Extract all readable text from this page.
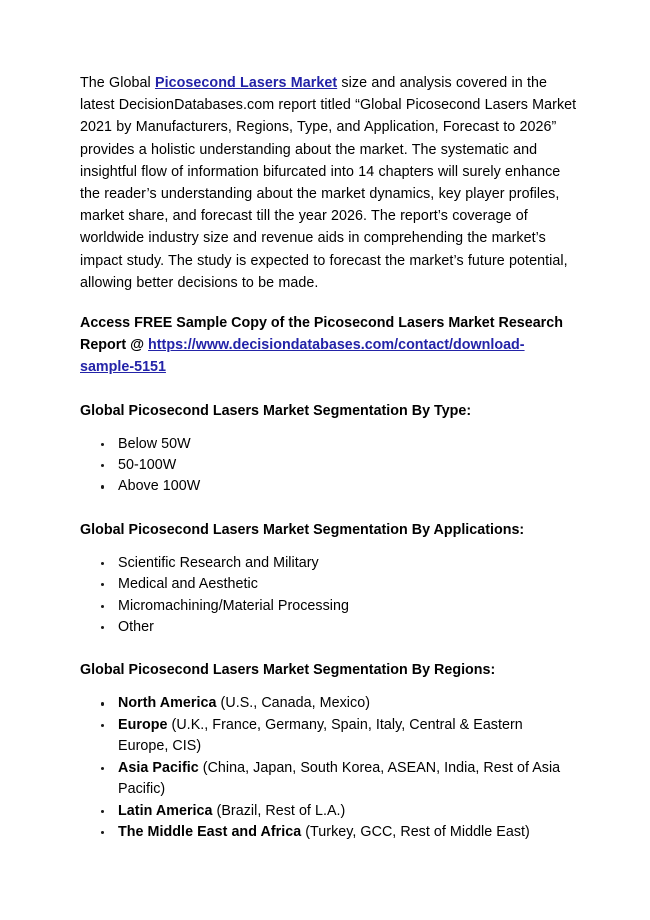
The Global Picosecond Lasers Market size and analysis covered in the latest DecisionDatabases.com report titled “Global Picosecond Lasers Market 2021 by Manufacturers, Regions, Type, and Application, Forecast to 2026” provides a holistic understanding about the market. The systematic and insightful flow of information bifurcated into 14 chapters will surely enhance the reader’s understanding about the market dynamics, key player profiles, market share, and forecast till the year 2026. The report’s coverage of worldwide industry size and revenue aids in comprehending the market’s impact study. The study is expected to forecast the market’s future potential, allowing better decisions to be made.

Access FREE Sample Copy of the Picosecond Lasers Market Research Report @ https://www.decisiondatabases.com/contact/download-sample-5151

Global Picosecond Lasers Market Segmentation By Type:
Below 50W
50-100W
Above 100W
Global Picosecond Lasers Market Segmentation By Applications:
Scientific Research and Military
Medical and Aesthetic
Micromachining/Material Processing
Other
Global Picosecond Lasers Market Segmentation By Regions:
North America (U.S., Canada, Mexico)
Europe (U.K., France, Germany, Spain, Italy, Central & Eastern Europe, CIS)
Asia Pacific (China, Japan, South Korea, ASEAN, India, Rest of Asia Pacific)
Latin America (Brazil, Rest of L.A.)
The Middle East and Africa (Turkey, GCC, Rest of Middle East)
